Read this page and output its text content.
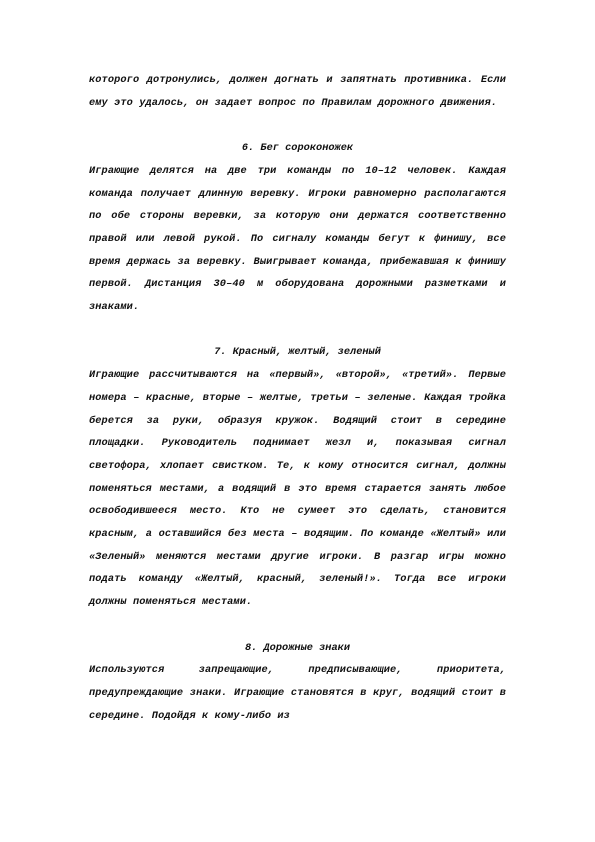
которого дотронулись, должен догнать и запятнать противника. Если ему это удалось, он задает вопрос по Правилам дорожного движения.

6. Бег сороконожек

Играющие делятся на две три команды по 10–12 человек. Каждая команда получает длинную веревку. Игроки равномерно располагаются по обе стороны веревки, за которую они держатся соответственно правой или левой рукой. По сигналу команды бегут к финишу, все время держась за веревку. Выигрывает команда, прибежавшая к финишу первой. Дистанция 30–40 м оборудована дорожными разметками и знаками.

7. Красный, желтый, зеленый

Играющие рассчитываются на «первый», «второй», «третий». Первые номера – красные, вторые – желтые, третьи – зеленые. Каждая тройка берется за руки, образуя кружок. Водящий стоит в середине площадки. Руководитель поднимает жезл и, показывая сигнал светофора, хлопает свистком. Те, к кому относится сигнал, должны поменяться местами, а водящий в это время старается занять любое освободившееся место. Кто не сумеет это сделать, становится красным, а оставшийся без места – водящим. По команде «Желтый» или «Зеленый» меняются местами другие игроки. В разгар игры можно подать команду «Желтый, красный, зеленый!». Тогда все игроки должны поменяться местами.

8. Дорожные знаки

Используются запрещающие, предписывающие, приоритета, предупреждающие знаки. Играющие становятся в круг, водящий стоит в середине. Подойдя к кому-либо из
